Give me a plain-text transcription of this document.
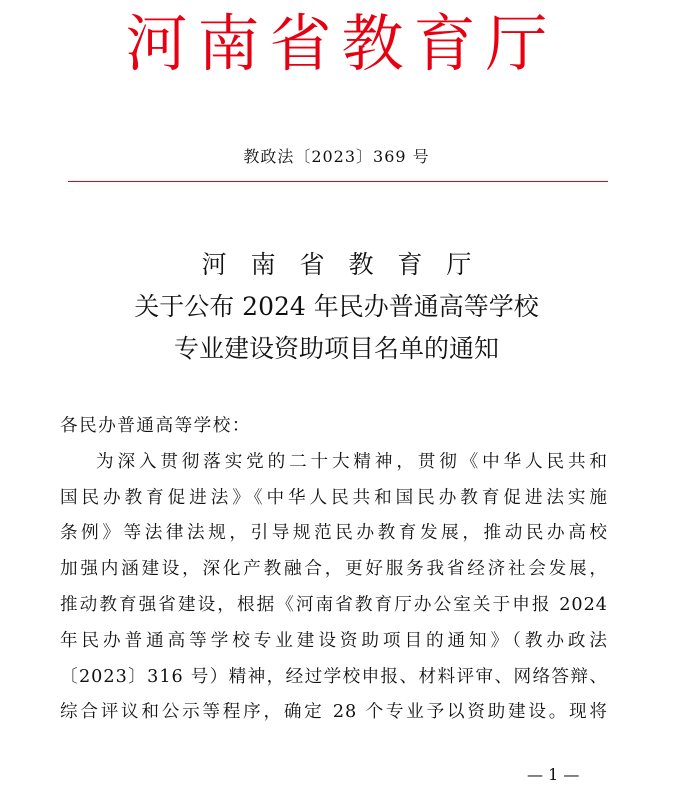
河南省教育厅
教政法〔2023〕369 号
河 南 省 教 育 厅
关于公布 2024 年民办普通高等学校
专业建设资助项目名单的通知
各民办普通高等学校：
为深入贯彻落实党的二十大精神，贯彻《中华人民共和
国民办教育促进法》《中华人民共和国民办教育促进法实施
条例》等法律法规，引导规范民办教育发展，推动民办高校
加强内涵建设，深化产教融合，更好服务我省经济社会发展，
推动教育强省建设，根据《河南省教育厅办公室关于申报 2024
年民办普通高等学校专业建设资助项目的通知》（教办政法
〔2023〕316 号）精神，经过学校申报、材料评审、网络答辩、
综合评议和公示等程序，确定 28 个专业予以资助建设。现将
— 1 —
